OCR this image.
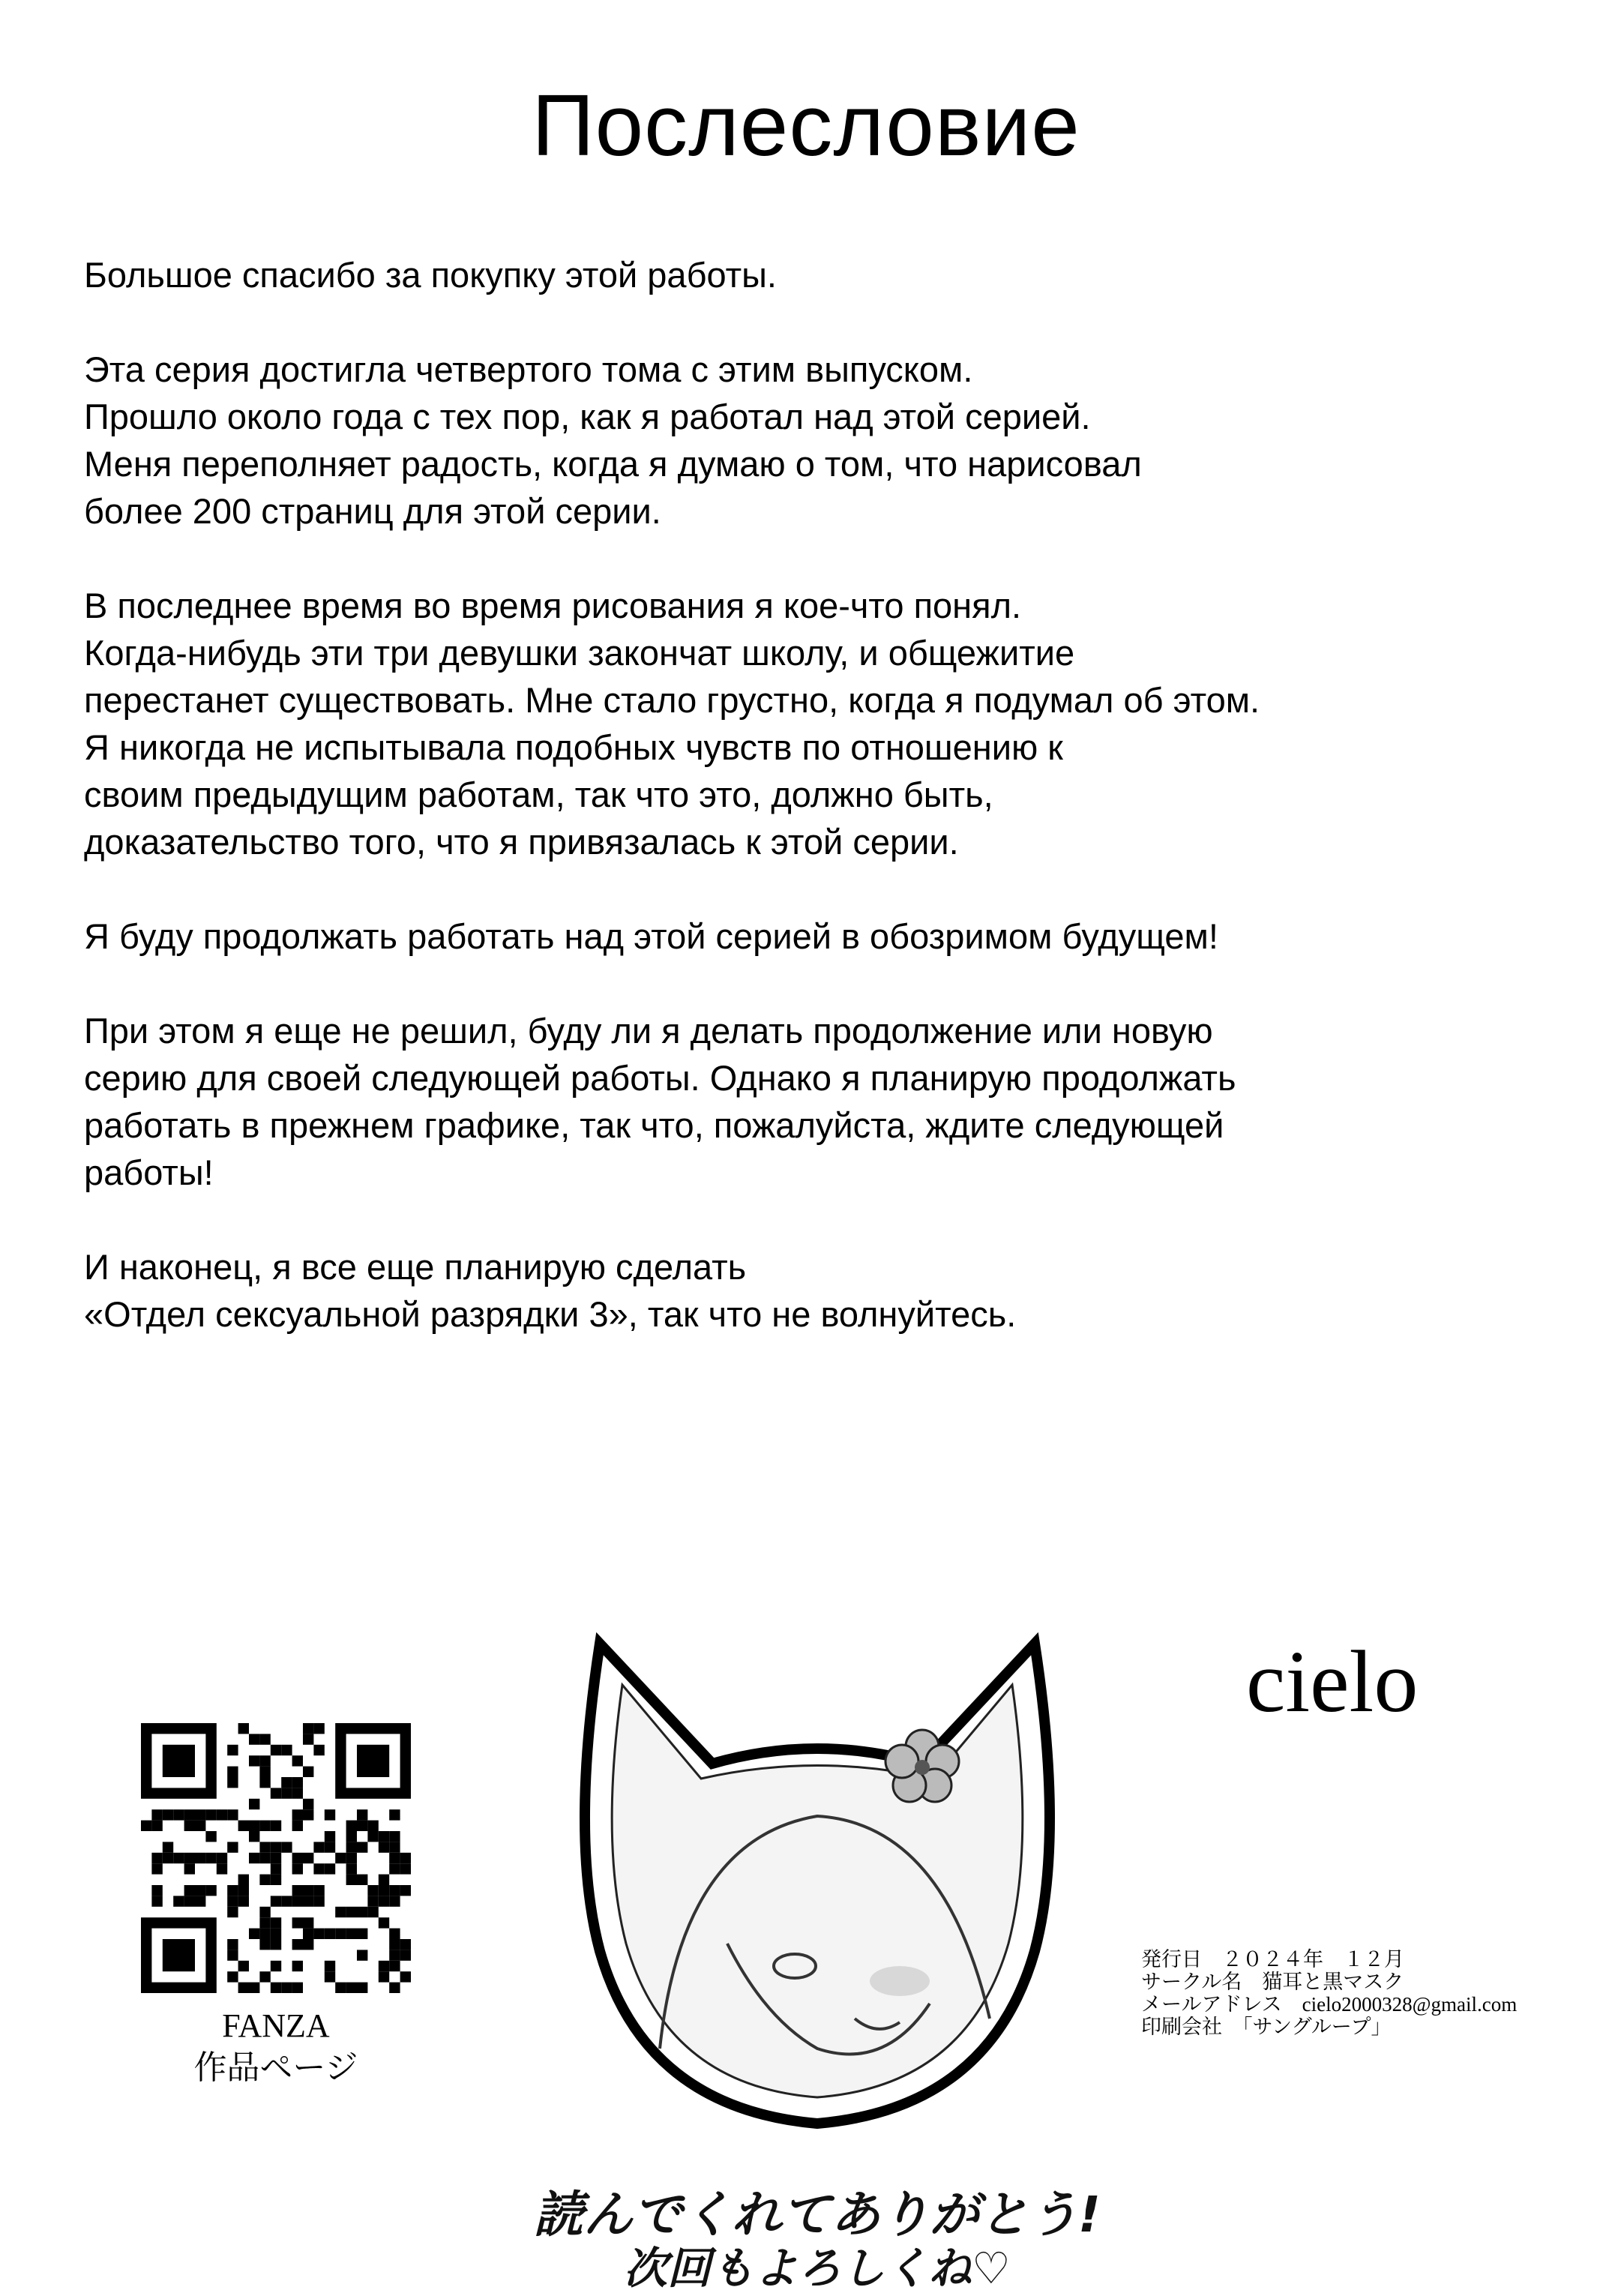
Послесловие
Большое спасибо за покупку этой работы.
Эта серия достигла четвертого тома с этим выпуском.
Прошло около года с тех пор, как я работал над этой серией.
Меня переполняет радость, когда я думаю о том, что нарисовал
более 200 страниц для этой серии.
В последнее время во время рисования я кое-что понял.
Когда-нибудь эти три девушки закончат школу, и общежитие
перестанет существовать. Мне стало грустно, когда я подумал об этом.
Я никогда не испытывала подобных чувств по отношению к
своим предыдущим работам, так что это, должно быть,
доказательство того, что я привязалась к этой серии.
Я буду продолжать работать над этой серией в обозримом будущем!
При этом я еще не решил, буду ли я делать продолжение или новую
серию для своей следующей работы. Однако я планирую продолжать
работать в прежнем графике, так что, пожалуйста, ждите следующей
работы!
И наконец, я все еще планирую сделать
«Отдел сексуальной разрядки 3», так что не волнуйтесь.
FANZA
作品ページ
読んでくれてありがとう!
次回もよろしくね♡
cielo
発行日　２０２４年　１２月
サークル名　猫耳と黒マスク
メールアドレス　cielo2000328@gmail.com
印刷会社　「サングループ」
